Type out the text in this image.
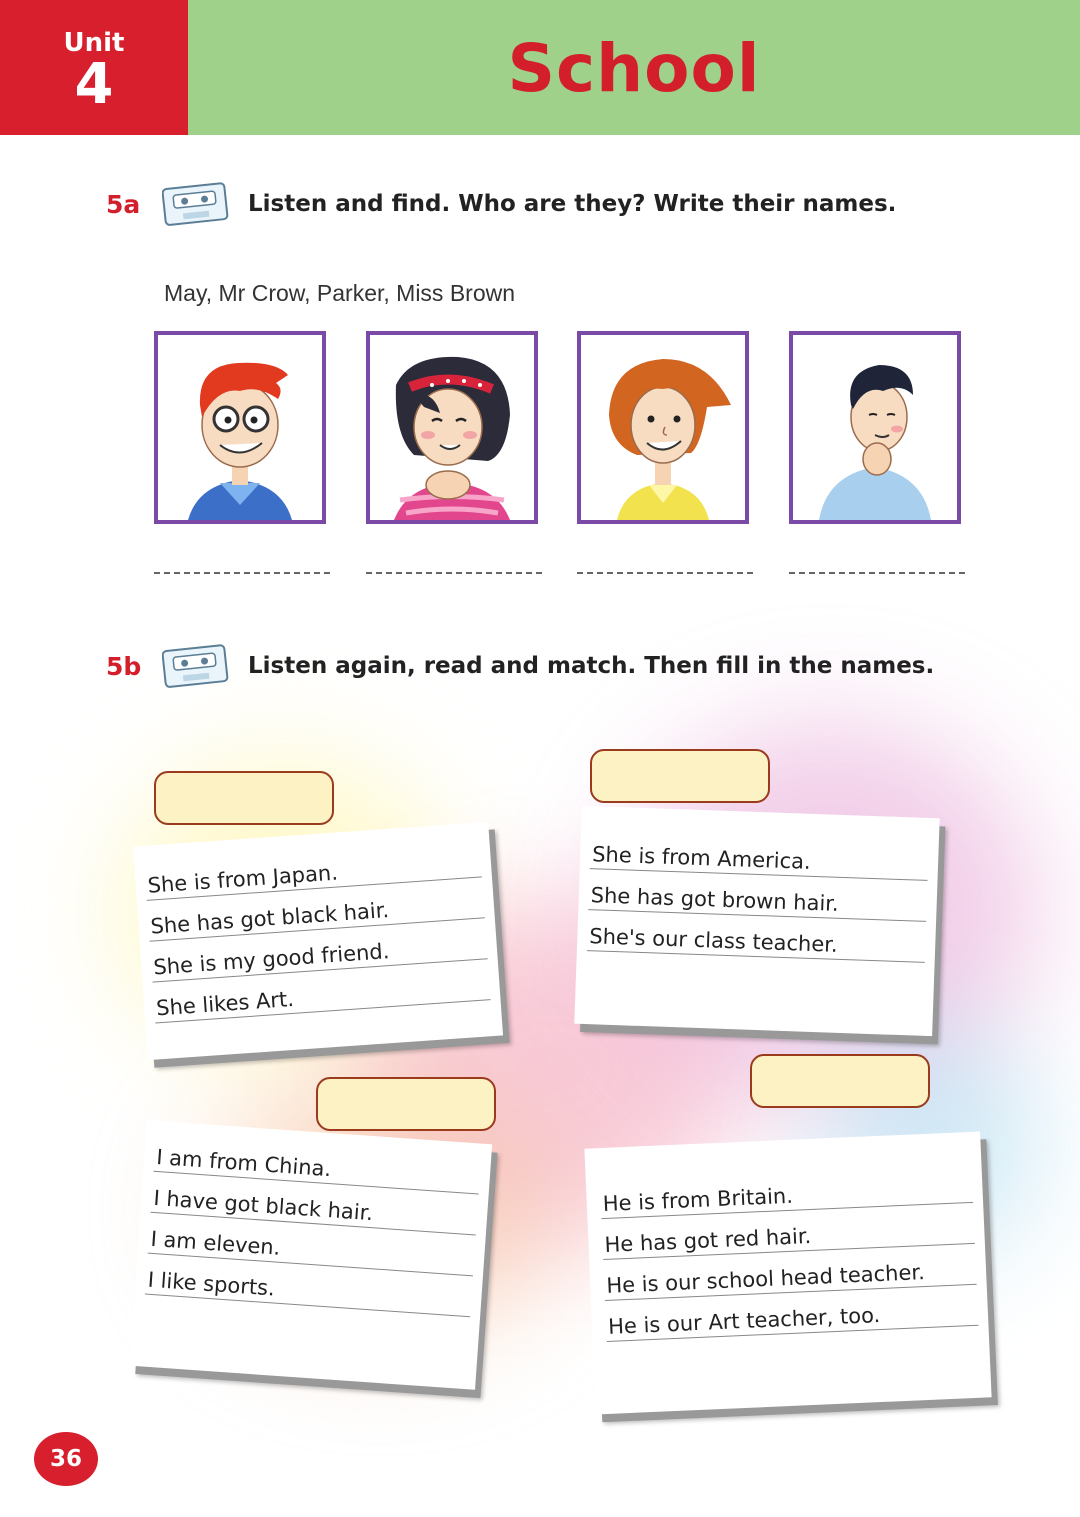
Unit
4	School
5a	Listen and find. Who are they? Write their names.
May, Mr Crow, Parker, Miss Brown
5b	Listen again, read and match. Then fill in the names.
She is from Japan.
She has got black hair.
She is my good friend.
She likes Art.
She is from America.
She has got brown hair.
She's our class teacher.
I am from China.
I have got black hair.
I am eleven.
I like sports.
He is from Britain.
He has got red hair.
He is our school head teacher.
He is our Art teacher, too.
36
